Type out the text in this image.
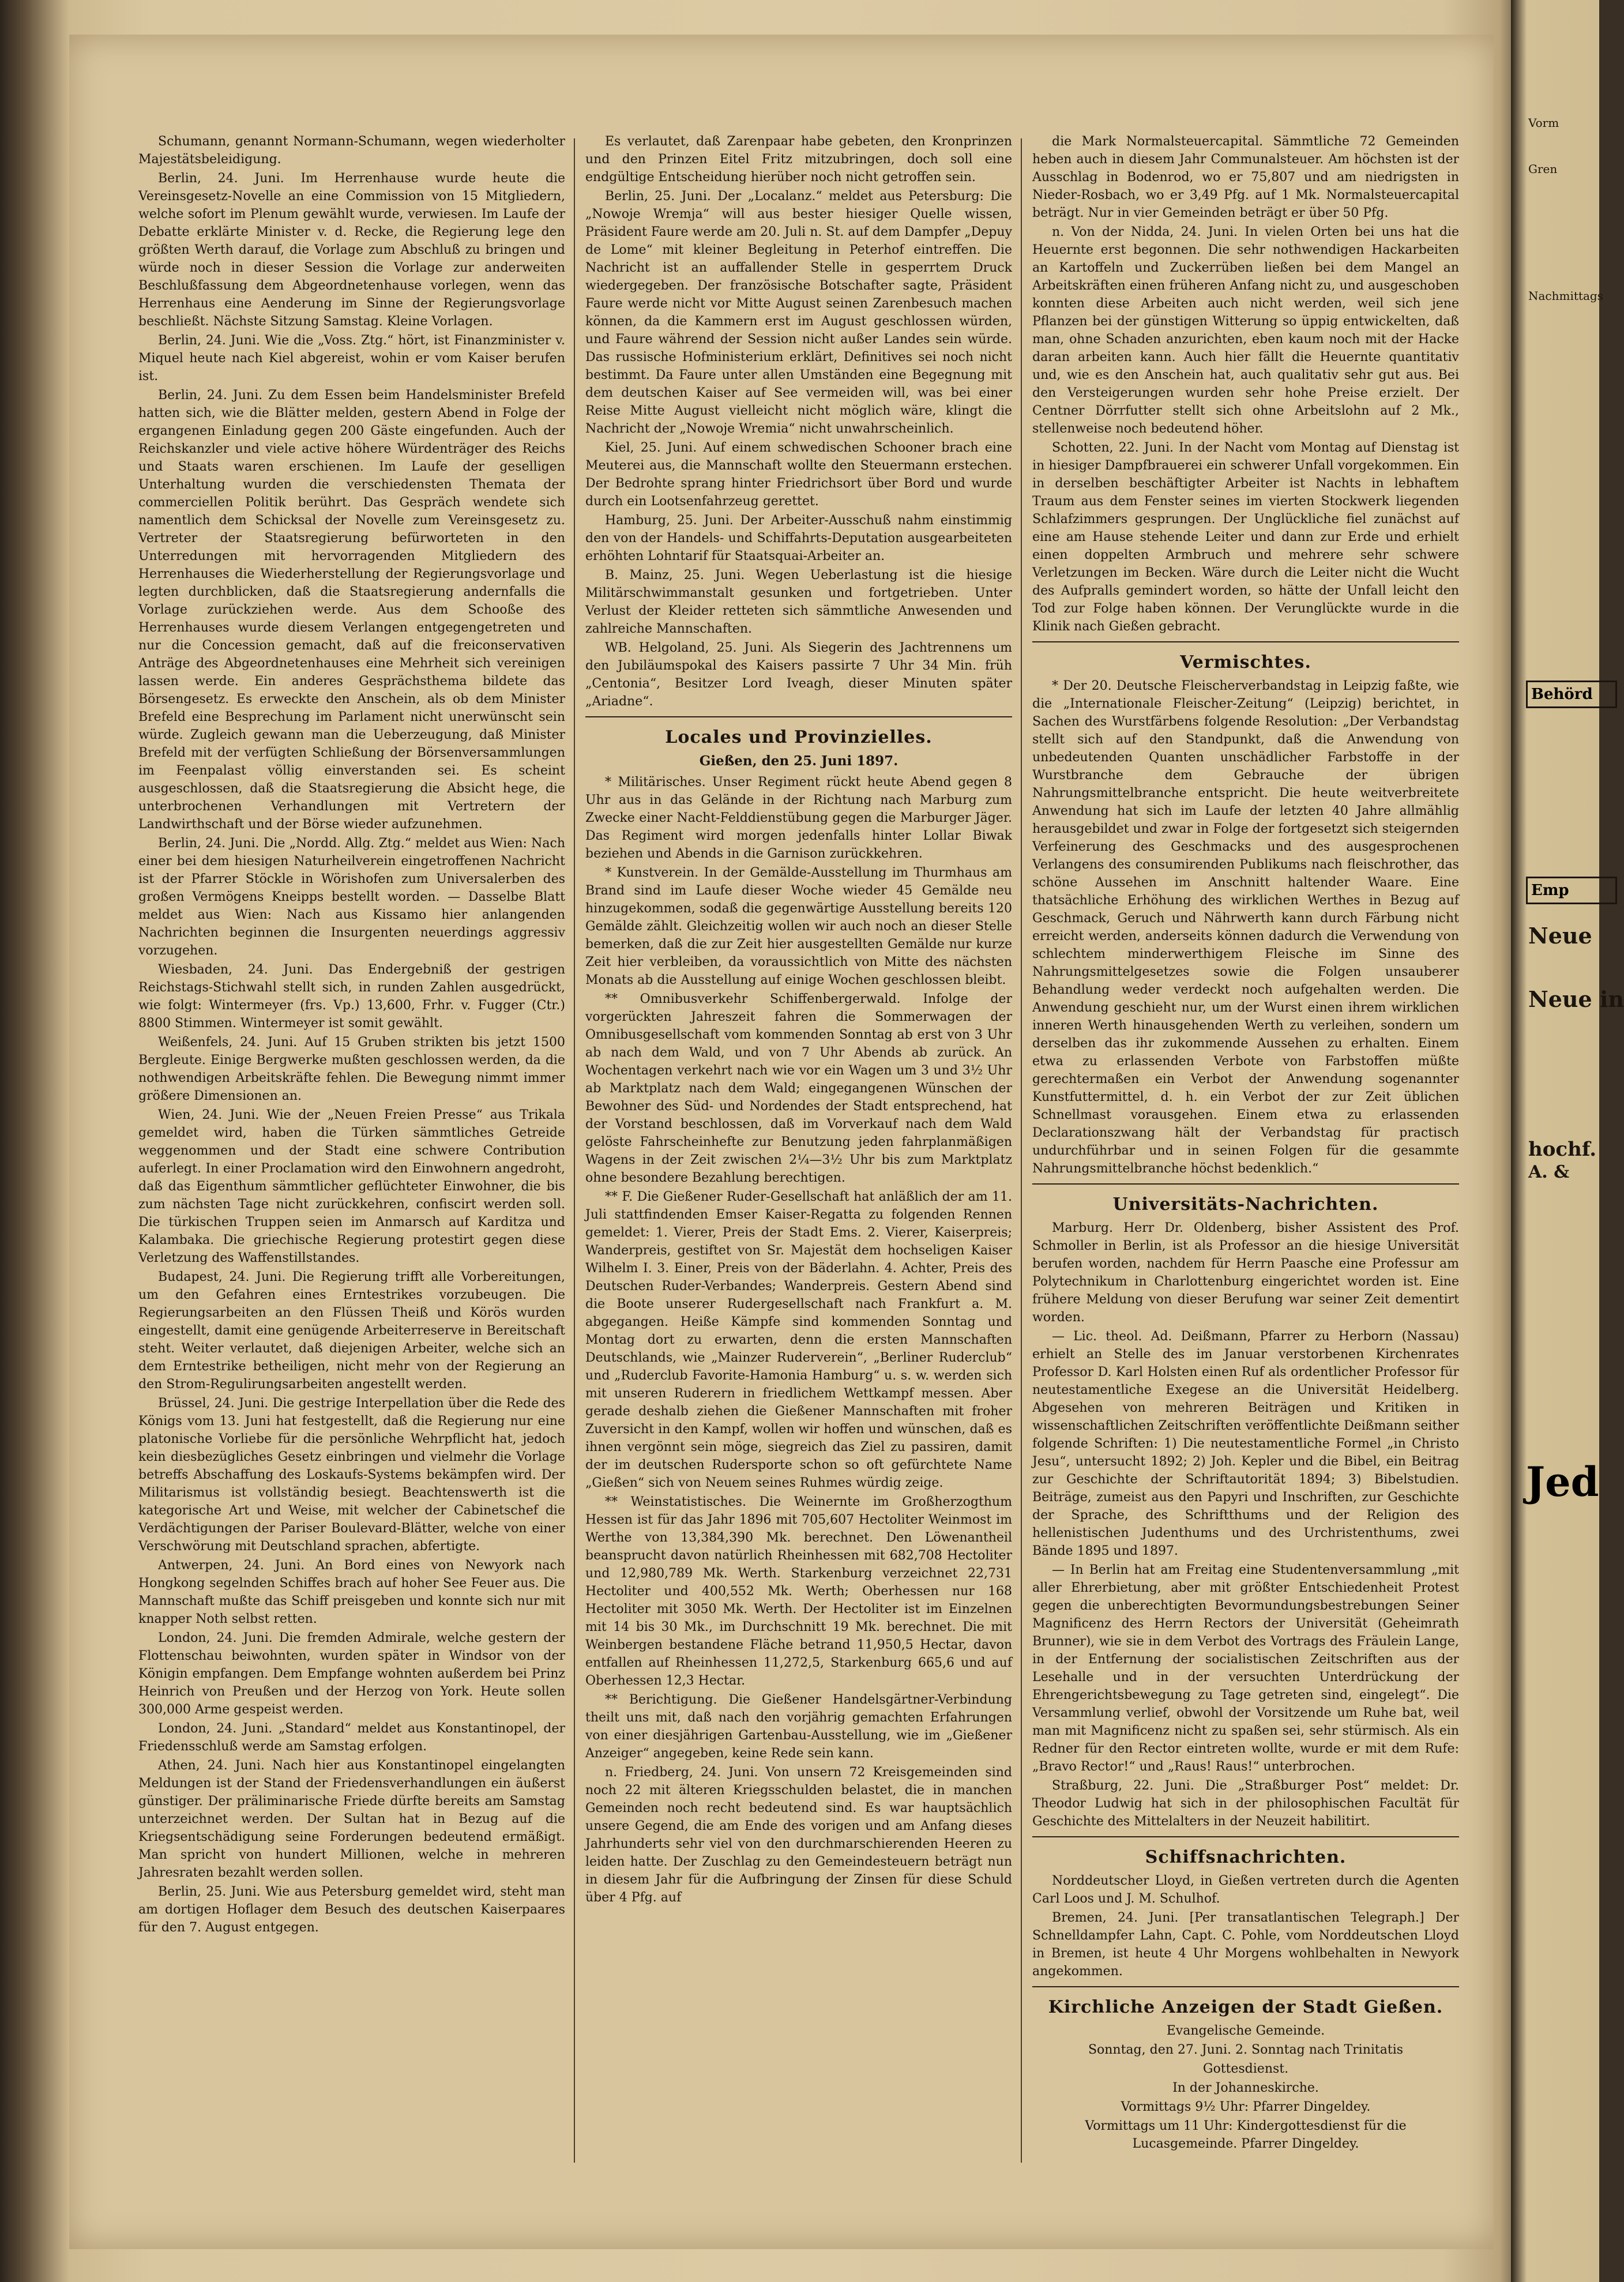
Schumann, genannt Normann-Schumann, wegen wiederholter Majestätsbeleidigung.

Berlin, 24. Juni. Im Herrenhause wurde heute die Vereinsgesetz-Novelle an eine Commission von 15 Mitgliedern, welche sofort im Plenum gewählt wurde, verwiesen. Im Laufe der Debatte erklärte Minister v. d. Recke, die Regierung lege den größten Werth darauf, die Vorlage zum Abschluß zu bringen und würde noch in dieser Session die Vorlage zur anderweiten Beschlußfassung dem Abgeordnetenhause vorlegen, wenn das Herrenhaus eine Aenderung im Sinne der Regierungsvorlage beschließt. Nächste Sitzung Samstag. Kleine Vorlagen.

Berlin, 24. Juni. Wie die „Voss. Ztg.“ hört, ist Finanzminister v. Miquel heute nach Kiel abgereist, wohin er vom Kaiser berufen ist.

Berlin, 24. Juni. Zu dem Essen beim Handelsminister Brefeld hatten sich, wie die Blätter melden, gestern Abend in Folge der ergangenen Einladung gegen 200 Gäste eingefunden. Auch der Reichskanzler und viele active höhere Würdenträger des Reichs und Staats waren erschienen. Im Laufe der geselligen Unterhaltung wurden die verschiedensten Themata der commerciellen Politik berührt. Das Gespräch wendete sich namentlich dem Schicksal der Novelle zum Vereinsgesetz zu. Vertreter der Staatsregierung befürworteten in den Unterredungen mit hervorragenden Mitgliedern des Herrenhauses die Wiederherstellung der Regierungsvorlage und legten durchblicken, daß die Staatsregierung andernfalls die Vorlage zurückziehen werde. Aus dem Schooße des Herrenhauses wurde diesem Verlangen entgegengetreten und nur die Concession gemacht, daß auf die freiconservativen Anträge des Abgeordnetenhauses eine Mehrheit sich vereinigen lassen werde. Ein anderes Gesprächsthema bildete das Börsengesetz. Es erweckte den Anschein, als ob dem Minister Brefeld eine Besprechung im Parlament nicht unerwünscht sein würde. Zugleich gewann man die Ueberzeugung, daß Minister Brefeld mit der verfügten Schließung der Börsenversammlungen im Feenpalast völlig einverstanden sei. Es scheint ausgeschlossen, daß die Staatsregierung die Absicht hege, die unterbrochenen Verhandlungen mit Vertretern der Landwirthschaft und der Börse wieder aufzunehmen.

Berlin, 24. Juni. Die „Nordd. Allg. Ztg.“ meldet aus Wien: Nach einer bei dem hiesigen Naturheilverein eingetroffenen Nachricht ist der Pfarrer Stöckle in Wörishofen zum Universalerben des großen Vermögens Kneipps bestellt worden. — Dasselbe Blatt meldet aus Wien: Nach aus Kissamo hier anlangenden Nachrichten beginnen die Insurgenten neuerdings aggressiv vorzugehen.

Wiesbaden, 24. Juni. Das Endergebniß der gestrigen Reichstags-Stichwahl stellt sich, in runden Zahlen ausgedrückt, wie folgt: Wintermeyer (frs. Vp.) 13,600, Frhr. v. Fugger (Ctr.) 8800 Stimmen. Wintermeyer ist somit gewählt.

Weißenfels, 24. Juni. Auf 15 Gruben strikten bis jetzt 1500 Bergleute. Einige Bergwerke mußten geschlossen werden, da die nothwendigen Arbeitskräfte fehlen. Die Bewegung nimmt immer größere Dimensionen an.

Wien, 24. Juni. Wie der „Neuen Freien Presse“ aus Trikala gemeldet wird, haben die Türken sämmtliches Getreide weggenommen und der Stadt eine schwere Contribution auferlegt. In einer Proclamation wird den Einwohnern angedroht, daß das Eigenthum sämmtlicher geflüchteter Einwohner, die bis zum nächsten Tage nicht zurückkehren, confiscirt werden soll. Die türkischen Truppen seien im Anmarsch auf Karditza und Kalambaka. Die griechische Regierung protestirt gegen diese Verletzung des Waffenstillstandes.

Budapest, 24. Juni. Die Regierung trifft alle Vorbereitungen, um den Gefahren eines Erntestrikes vorzubeugen. Die Regierungsarbeiten an den Flüssen Theiß und Körös wurden eingestellt, damit eine genügende Arbeiterreserve in Bereitschaft steht. Weiter verlautet, daß diejenigen Arbeiter, welche sich an dem Erntestrike betheiligen, nicht mehr von der Regierung an den Strom-Regulirungsarbeiten angestellt werden.

Brüssel, 24. Juni. Die gestrige Interpellation über die Rede des Königs vom 13. Juni hat festgestellt, daß die Regierung nur eine platonische Vorliebe für die persönliche Wehrpflicht hat, jedoch kein diesbezügliches Gesetz einbringen und vielmehr die Vorlage betreffs Abschaffung des Loskaufs-Systems bekämpfen wird. Der Militarismus ist vollständig besiegt. Beachtenswerth ist die kategorische Art und Weise, mit welcher der Cabinetschef die Verdächtigungen der Pariser Boulevard-Blätter, welche von einer Verschwörung mit Deutschland sprachen, abfertigte.

Antwerpen, 24. Juni. An Bord eines von Newyork nach Hongkong segelnden Schiffes brach auf hoher See Feuer aus. Die Mannschaft mußte das Schiff preisgeben und konnte sich nur mit knapper Noth selbst retten.

London, 24. Juni. Die fremden Admirale, welche gestern der Flottenschau beiwohnten, wurden später in Windsor von der Königin empfangen. Dem Empfange wohnten außerdem bei Prinz Heinrich von Preußen und der Herzog von York. Heute sollen 300,000 Arme gespeist werden.

London, 24. Juni. „Standard“ meldet aus Konstantinopel, der Friedensschluß werde am Samstag erfolgen.

Athen, 24. Juni. Nach hier aus Konstantinopel eingelangten Meldungen ist der Stand der Friedensverhandlungen ein äußerst günstiger. Der präliminarische Friede dürfte bereits am Samstag unterzeichnet werden. Der Sultan hat in Bezug auf die Kriegsentschädigung seine Forderungen bedeutend ermäßigt. Man spricht von hundert Millionen, welche in mehreren Jahresraten bezahlt werden sollen.

Berlin, 25. Juni. Wie aus Petersburg gemeldet wird, steht man am dortigen Hoflager dem Besuch des deutschen Kaiserpaares für den 7. August entgegen.

Es verlautet, daß Zarenpaar habe gebeten, den Kronprinzen und den Prinzen Eitel Fritz mitzubringen, doch soll eine endgültige Entscheidung hierüber noch nicht getroffen sein.

Berlin, 25. Juni. Der „Localanz.“ meldet aus Petersburg: Die „Nowoje Wremja“ will aus bester hiesiger Quelle wissen, Präsident Faure werde am 20. Juli n. St. auf dem Dampfer „Depuy de Lome“ mit kleiner Begleitung in Peterhof eintreffen. Die Nachricht ist an auffallender Stelle in gesperrtem Druck wiedergegeben. Der französische Botschafter sagte, Präsident Faure werde nicht vor Mitte August seinen Zarenbesuch machen können, da die Kammern erst im August geschlossen würden, und Faure während der Session nicht außer Landes sein würde. Das russische Hofministerium erklärt, Definitives sei noch nicht bestimmt. Da Faure unter allen Umständen eine Begegnung mit dem deutschen Kaiser auf See vermeiden will, was bei einer Reise Mitte August vielleicht nicht möglich wäre, klingt die Nachricht der „Nowoje Wremia“ nicht unwahrscheinlich.

Kiel, 25. Juni. Auf einem schwedischen Schooner brach eine Meuterei aus, die Mannschaft wollte den Steuermann erstechen. Der Bedrohte sprang hinter Friedrichsort über Bord und wurde durch ein Lootsenfahrzeug gerettet.

Hamburg, 25. Juni. Der Arbeiter-Ausschuß nahm einstimmig den von der Handels- und Schiffahrts-Deputation ausgearbeiteten erhöhten Lohntarif für Staatsquai-Arbeiter an.

B. Mainz, 25. Juni. Wegen Ueberlastung ist die hiesige Militärschwimmanstalt gesunken und fortgetrieben. Unter Verlust der Kleider retteten sich sämmtliche Anwesenden und zahlreiche Mannschaften.

WB. Helgoland, 25. Juni. Als Siegerin des Jachtrennens um den Jubiläumspokal des Kaisers passirte 7 Uhr 34 Min. früh „Centonia“, Besitzer Lord Iveagh, dieser Minuten später „Ariadne“.

Locales und Provinzielles.
Gießen, den 25. Juni 1897.

* Militärisches. Unser Regiment rückt heute Abend gegen 8 Uhr aus in das Gelände in der Richtung nach Marburg zum Zwecke einer Nacht-Felddienstübung gegen die Marburger Jäger. Das Regiment wird morgen jedenfalls hinter Lollar Biwak beziehen und Abends in die Garnison zurückkehren.

* Kunstverein. In der Gemälde-Ausstellung im Thurmhaus am Brand sind im Laufe dieser Woche wieder 45 Gemälde neu hinzugekommen, sodaß die gegenwärtige Ausstellung bereits 120 Gemälde zählt. Gleichzeitig wollen wir auch noch an dieser Stelle bemerken, daß die zur Zeit hier ausgestellten Gemälde nur kurze Zeit hier verbleiben, da voraussichtlich von Mitte des nächsten Monats ab die Ausstellung auf einige Wochen geschlossen bleibt.

** Omnibusverkehr Schiffenbergerwald. Infolge der vorgerückten Jahreszeit fahren die Sommerwagen der Omnibusgesellschaft vom kommenden Sonntag ab erst von 3 Uhr ab nach dem Wald, und von 7 Uhr Abends ab zurück. An Wochentagen verkehrt nach wie vor ein Wagen um 3 und 3½ Uhr ab Marktplatz nach dem Wald; eingegangenen Wünschen der Bewohner des Süd- und Nordendes der Stadt entsprechend, hat der Vorstand beschlossen, daß im Vorverkauf nach dem Wald gelöste Fahrscheinhefte zur Benutzung jeden fahrplanmäßigen Wagens in der Zeit zwischen 2¼—3½ Uhr bis zum Marktplatz ohne besondere Bezahlung berechtigen.

** F. Die Gießener Ruder-Gesellschaft hat anläßlich der am 11. Juli stattfindenden Emser Kaiser-Regatta zu folgenden Rennen gemeldet: 1. Vierer, Preis der Stadt Ems. 2. Vierer, Kaiserpreis; Wanderpreis, gestiftet von Sr. Majestät dem hochseligen Kaiser Wilhelm I. 3. Einer, Preis von der Bäderlahn. 4. Achter, Preis des Deutschen Ruder-Verbandes; Wanderpreis. Gestern Abend sind die Boote unserer Rudergesellschaft nach Frankfurt a. M. abgegangen. Heiße Kämpfe sind kommenden Sonntag und Montag dort zu erwarten, denn die ersten Mannschaften Deutschlands, wie „Mainzer Ruderverein“, „Berliner Ruderclub“ und „Ruderclub Favorite-Hamonia Hamburg“ u. s. w. werden sich mit unseren Ruderern in friedlichem Wettkampf messen. Aber gerade deshalb ziehen die Gießener Mannschaften mit froher Zuversicht in den Kampf, wollen wir hoffen und wünschen, daß es ihnen vergönnt sein möge, siegreich das Ziel zu passiren, damit der im deutschen Rudersporte schon so oft gefürchtete Name „Gießen“ sich von Neuem seines Ruhmes würdig zeige.

** Weinstatistisches. Die Weinernte im Großherzogthum Hessen ist für das Jahr 1896 mit 705,607 Hectoliter Weinmost im Werthe von 13,384,390 Mk. berechnet. Den Löwenantheil beansprucht davon natürlich Rheinhessen mit 682,708 Hectoliter und 12,980,789 Mk. Werth. Starkenburg verzeichnet 22,731 Hectoliter und 400,552 Mk. Werth; Oberhessen nur 168 Hectoliter mit 3050 Mk. Werth. Der Hectoliter ist im Einzelnen mit 14 bis 30 Mk., im Durchschnitt 19 Mk. berechnet. Die mit Weinbergen bestandene Fläche betrand 11,950,5 Hectar, davon entfallen auf Rheinhessen 11,272,5, Starkenburg 665,6 und auf Oberhessen 12,3 Hectar.

** Berichtigung. Die Gießener Handelsgärtner-Verbindung theilt uns mit, daß nach den vorjährig gemachten Erfahrungen von einer diesjährigen Gartenbau-Ausstellung, wie im „Gießener Anzeiger“ angegeben, keine Rede sein kann.

n. Friedberg, 24. Juni. Von unsern 72 Kreisgemeinden sind noch 22 mit älteren Kriegsschulden belastet, die in manchen Gemeinden noch recht bedeutend sind. Es war hauptsächlich unsere Gegend, die am Ende des vorigen und am Anfang dieses Jahrhunderts sehr viel von den durchmarschierenden Heeren zu leiden hatte. Der Zuschlag zu den Gemeindesteuern beträgt nun in diesem Jahr für die Aufbringung der Zinsen für diese Schuld über 4 Pfg. auf

die Mark Normalsteuercapital. Sämmtliche 72 Gemeinden heben auch in diesem Jahr Communalsteuer. Am höchsten ist der Ausschlag in Bodenrod, wo er 75,807 und am niedrigsten in Nieder-Rosbach, wo er 3,49 Pfg. auf 1 Mk. Normalsteuercapital beträgt. Nur in vier Gemeinden beträgt er über 50 Pfg.

n. Von der Nidda, 24. Juni. In vielen Orten bei uns hat die Heuernte erst begonnen. Die sehr nothwendigen Hackarbeiten an Kartoffeln und Zuckerrüben ließen bei dem Mangel an Arbeitskräften einen früheren Anfang nicht zu, und ausgeschoben konnten diese Arbeiten auch nicht werden, weil sich jene Pflanzen bei der günstigen Witterung so üppig entwickelten, daß man, ohne Schaden anzurichten, eben kaum noch mit der Hacke daran arbeiten kann. Auch hier fällt die Heuernte quantitativ und, wie es den Anschein hat, auch qualitativ sehr gut aus. Bei den Versteigerungen wurden sehr hohe Preise erzielt. Der Centner Dörrfutter stellt sich ohne Arbeitslohn auf 2 Mk., stellenweise noch bedeutend höher.

Schotten, 22. Juni. In der Nacht vom Montag auf Dienstag ist in hiesiger Dampfbrauerei ein schwerer Unfall vorgekommen. Ein in derselben beschäftigter Arbeiter ist Nachts in lebhaftem Traum aus dem Fenster seines im vierten Stockwerk liegenden Schlafzimmers gesprungen. Der Unglückliche fiel zunächst auf eine am Hause stehende Leiter und dann zur Erde und erhielt einen doppelten Armbruch und mehrere sehr schwere Verletzungen im Becken. Wäre durch die Leiter nicht die Wucht des Aufpralls gemindert worden, so hätte der Unfall leicht den Tod zur Folge haben können. Der Verunglückte wurde in die Klinik nach Gießen gebracht.

Vermischtes.

* Der 20. Deutsche Fleischerverbandstag in Leipzig faßte, wie die „Internationale Fleischer-Zeitung“ (Leipzig) berichtet, in Sachen des Wurstfärbens folgende Resolution: „Der Verbandstag stellt sich auf den Standpunkt, daß die Anwendung von unbedeutenden Quanten unschädlicher Farbstoffe in der Wurstbranche dem Gebrauche der übrigen Nahrungsmittelbranche entspricht. Die heute weitverbreitete Anwendung hat sich im Laufe der letzten 40 Jahre allmählig herausgebildet und zwar in Folge der fortgesetzt sich steigernden Verfeinerung des Geschmacks und des ausgesprochenen Verlangens des consumirenden Publikums nach fleischrother, das schöne Aussehen im Anschnitt haltender Waare. Eine thatsächliche Erhöhung des wirklichen Werthes in Bezug auf Geschmack, Geruch und Nährwerth kann durch Färbung nicht erreicht werden, anderseits können dadurch die Verwendung von schlechtem minderwerthigem Fleische im Sinne des Nahrungsmittelgesetzes sowie die Folgen unsauberer Behandlung weder verdeckt noch aufgehalten werden. Die Anwendung geschieht nur, um der Wurst einen ihrem wirklichen inneren Werth hinausgehenden Werth zu verleihen, sondern um derselben das ihr zukommende Aussehen zu erhalten. Einem etwa zu erlassenden Verbote von Farbstoffen müßte gerechtermaßen ein Verbot der Anwendung sogenannter Kunstfuttermittel, d. h. ein Verbot der zur Zeit üblichen Schnellmast vorausgehen. Einem etwa zu erlassenden Declarationszwang hält der Verbandstag für practisch undurchführbar und in seinen Folgen für die gesammte Nahrungsmittelbranche höchst bedenklich.“

Universitäts-Nachrichten.

Marburg. Herr Dr. Oldenberg, bisher Assistent des Prof. Schmoller in Berlin, ist als Professor an die hiesige Universität berufen worden, nachdem für Herrn Paasche eine Professur am Polytechnikum in Charlottenburg eingerichtet worden ist. Eine frühere Meldung von dieser Berufung war seiner Zeit dementirt worden.

— Lic. theol. Ad. Deißmann, Pfarrer zu Herborn (Nassau) erhielt an Stelle des im Januar verstorbenen Kirchenrates Professor D. Karl Holsten einen Ruf als ordentlicher Professor für neutestamentliche Exegese an die Universität Heidelberg. Abgesehen von mehreren Beiträgen und Kritiken in wissenschaftlichen Zeitschriften veröffentlichte Deißmann seither folgende Schriften: 1) Die neutestamentliche Formel „in Christo Jesu“, untersucht 1892; 2) Joh. Kepler und die Bibel, ein Beitrag zur Geschichte der Schriftautorität 1894; 3) Bibelstudien. Beiträge, zumeist aus den Papyri und Inschriften, zur Geschichte der Sprache, des Schriftthums und der Religion des hellenistischen Judenthums und des Urchristenthums, zwei Bände 1895 und 1897.

— In Berlin hat am Freitag eine Studentenversammlung „mit aller Ehrerbietung, aber mit größter Entschiedenheit Protest gegen die unberechtigten Bevormundungsbestrebungen Seiner Magnificenz des Herrn Rectors der Universität (Geheimrath Brunner), wie sie in dem Verbot des Vortrags des Fräulein Lange, in der Entfernung der socialistischen Zeitschriften aus der Lesehalle und in der versuchten Unterdrückung der Ehrengerichtsbewegung zu Tage getreten sind, eingelegt“. Die Versammlung verlief, obwohl der Vorsitzende um Ruhe bat, weil man mit Magnificenz nicht zu spaßen sei, sehr stürmisch. Als ein Redner für den Rector eintreten wollte, wurde er mit dem Rufe: „Bravo Rector!“ und „Raus! Raus!“ unterbrochen.

Straßburg, 22. Juni. Die „Straßburger Post“ meldet: Dr. Theodor Ludwig hat sich in der philosophischen Facultät für Geschichte des Mittelalters in der Neuzeit habilitirt.

Schiffsnachrichten.

Norddeutscher Lloyd, in Gießen vertreten durch die Agenten Carl Loos und J. M. Schulhof.

Bremen, 24. Juni. [Per transatlantischen Telegraph.] Der Schnelldampfer Lahn, Capt. C. Pohle, vom Norddeutschen Lloyd in Bremen, ist heute 4 Uhr Morgens wohlbehalten in Newyork angekommen.

Kirchliche Anzeigen der Stadt Gießen.

Evangelische Gemeinde.

Sonntag, den 27. Juni. 2. Sonntag nach Trinitatis

Gottesdienst.

In der Johanneskirche.

Vormittags 9½ Uhr: Pfarrer Dingeldey.

Vormittags um 11 Uhr: Kindergottesdienst für die Lucasgemeinde. Pfarrer Dingeldey.

Vorm
Gren
Nachmittags
Behörd
Emp
Neue
Neue in
hochf.
A. &
Jed
